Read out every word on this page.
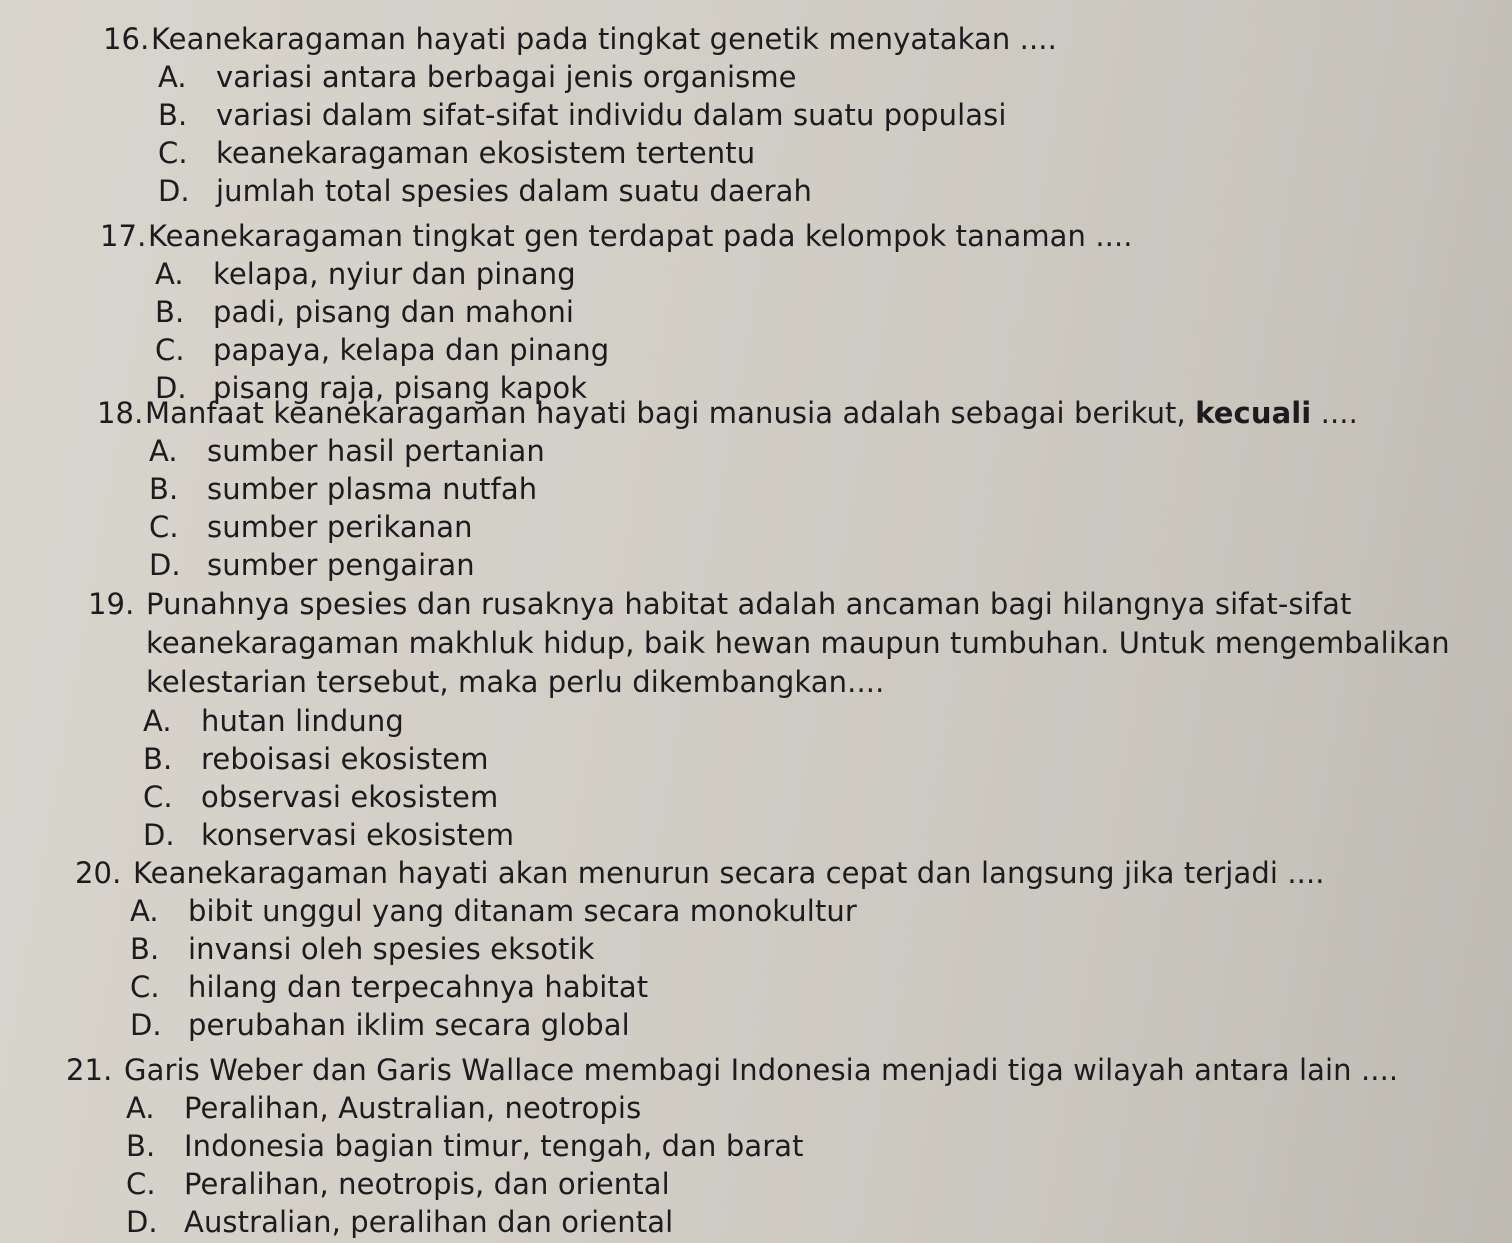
16.Keanekaragaman hayati pada tingkat genetik menyatakan ....
A. variasi antara berbagai jenis organisme
B. variasi dalam sifat-sifat individu dalam suatu populasi
C. keanekaragaman ekosistem tertentu
D. jumlah total spesies dalam suatu daerah
17.Keanekaragaman tingkat gen terdapat pada kelompok tanaman ....
A. kelapa, nyiur dan pinang
B. padi, pisang dan mahoni
C. papaya, kelapa dan pinang
D. pisang raja, pisang kapok
18.Manfaat keanekaragaman hayati bagi manusia adalah sebagai berikut, kecuali ....
A. sumber hasil pertanian
B. sumber plasma nutfah
C. sumber perikanan
D. sumber pengairan
19. Punahnya spesies dan rusaknya habitat adalah ancaman bagi hilangnya sifat-sifat keanekaragaman makhluk hidup, baik hewan maupun tumbuhan. Untuk mengembalikan kelestarian tersebut, maka perlu dikembangkan....
A. hutan lindung
B. reboisasi ekosistem
C. observasi ekosistem
D. konservasi ekosistem
20. Keanekaragaman hayati akan menurun secara cepat dan langsung jika terjadi ....
A. bibit unggul yang ditanam secara monokultur
B. invansi oleh spesies eksotik
C. hilang dan terpecahnya habitat
D. perubahan iklim secara global
21. Garis Weber dan Garis Wallace membagi Indonesia menjadi tiga wilayah antara lain ....
A. Peralihan, Australian, neotropis
B. Indonesia bagian timur, tengah, dan barat
C. Peralihan, neotropis, dan oriental
D. Australian, peralihan dan oriental
